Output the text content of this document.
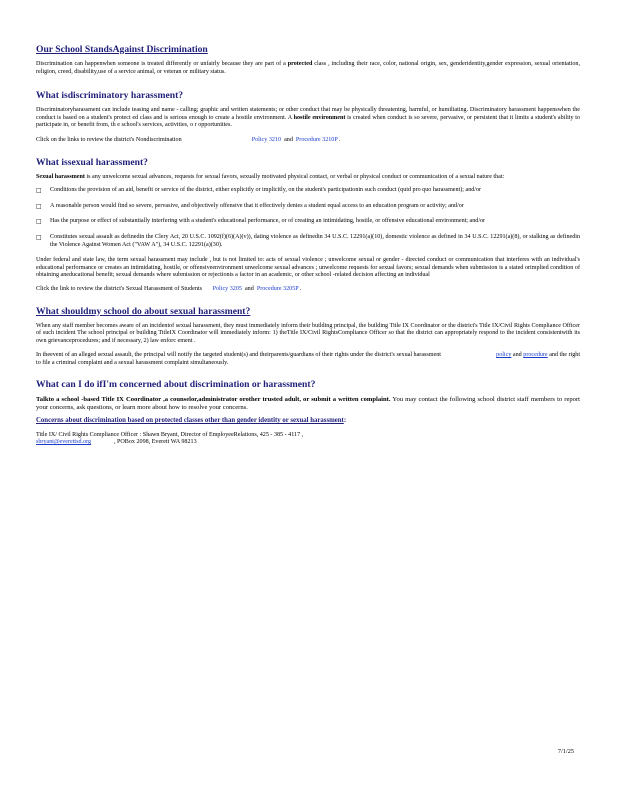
Our School StandsAgainst Discrimination

Discrimination can happenwhen someone is treated differently or unfairly because they are part of a protected class , including their race, color, national origin, sex, genderidentity,gender expression, sexual orientation, religion, creed, disability,use of a service animal, or veteran or military status.

What isdiscriminatory harassment?

Discriminatoryharassment can include teasing and name - calling; graphic and written statements; or other conduct that may be physically threatening, harmful, or humiliating. Discriminatory harassment happenswhen the conduct is based on a student's protect ed class and is serious enough to create a hostile environment. A hostile environment is created when conduct is so severe, pervasive, or persistent that it limits a student's ability to participate in, or benefit from, th e school's services, activities, o r opportunities.

Click on the links to review the district's Nondiscrimination	Policy 3210 and Procedure 3210P .

What issexual harassment?

Sexual harassment is any unwelcome sexual advances, requests for sexual favors, sexually motivated physical contact, or verbal or physical conduct or communication of a sexual nature that:

□	Conditions the provision of an aid, benefit or service of the district, either explicitly or implicitly, on the student's participationin such conduct (quid pro quo harassment); and/or
□	A reasonable person would find so severe, pervasive, and objectively offensive that it effectively denies a student equal access to an education program or activity; and/or
□	Has the purpose or effect of substantially interfering with a student's educational performance, or of creating an intimidating, hostile, or offensive educational environment; and/or
□	Constitutes sexual assault as definedin the Clery Act, 20 U.S.C. 1092(f)(6)(A)(v)), dating violence as definedin 34 U.S.C. 12291(a)(10), domestic violence as defined in 34 U.S.C. 12291(a)(8), or stalking as definedin the Violence Against Women Act ("VAW A"), 34 U.S.C. 12291(a)(30).

Under federal and state law, the term sexual harassment may include , but is not limited to: acts of sexual violence ; unwelcome sexual or gender - directed conduct or communication that interferes with an individual's educational performance or creates an intimidating, hostile, or offensiveenvironment unwelcome sexual advances ; unwelcome requests for sexual favors; sexual demands when submission is a stated orimplied condition of obtaining aneducational benefit; sexual demands where submission or rejectionis a factor in an academic, or other school -related decision affecting an individual

Click the link to review the district's Sexual Harassment of Students Policy 3205 and Procedure 3205P .

What shouldmy school do about sexual harassment?

When any staff member becomes aware of an incidentof sexual harassment, they must immediately inform their building principal, the building Title IX Coordinator or the district's Title IX/Civil Rights Compliance Officer of such incident The school principal or building TitleIX Coordinator will immediately inform: 1) theTitle IX/Civil RightsCompliance Officer so that the district can appropriately respond to the incident consistentwith its own grievanceprocedures; and if necessary, 2) law enforc ement .

In theevent of an alleged sexual assault, the principal will notify the targeted student(s) and theirparents/guardians of their rights under the district's sexual harassment	policy and procedure and the right to file a criminal complaint and a sexual harassment complaint simultaneously.

What can I do ifI'm concerned about discrimination or harassment?

Talkto a school -based Title IX Coordinator ,a counselor,administrator orother trusted adult, or submit a written complaint. You may contact the following school district staff members to report your concerns, ask questions, or learn more about how to resolve your concerns.

Concerns about discrimination based on protected classes other than gender identity or sexual harassment:

Title IX/ Civil Rights Compliance Officer : Shawn Bryant, Director of EmployeeRelations, 425 - 385 - 4117 ,

sbryant@everettsd.org	, POBox 2098, Everett WA 98213

7/1/25
